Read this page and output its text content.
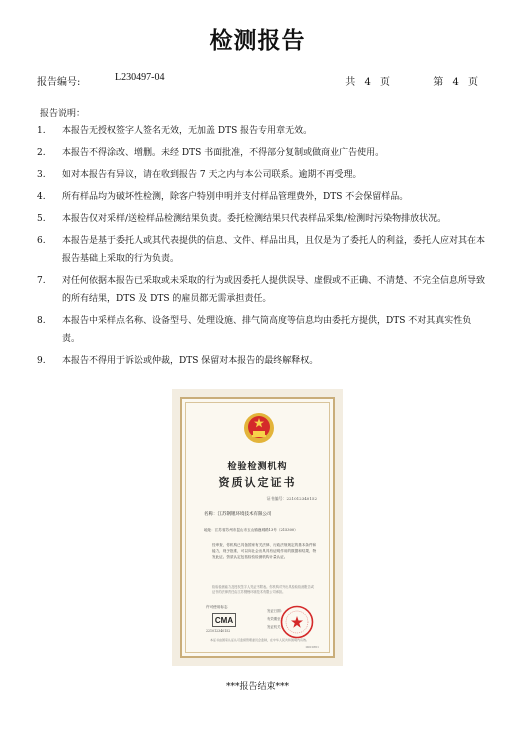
检测报告
报告编号:	L230497-04	共 4 页	第 4 页
报告说明：
1. 本报告无授权签字人签名无效，无加盖 DTS 报告专用章无效。
2. 本报告不得涂改、增删。未经 DTS 书面批准，不得部分复制或做商业广告使用。
3. 如对本报告有异议，请在收到报告 7 天之内与本公司联系。逾期不再受理。
4. 所有样品均为破坏性检测，除客户特别申明并支付样品管理费外，DTS 不会保留样品。
5. 本报告仅对采样/送检样品检测结果负责。委托检测结果只代表样品采集/检测时污染物排放状况。
6. 本报告是基于委托人或其代表提供的信息、文件、样品出具，且仅是为了委托人的利益，委托人应对其在本报告基础上采取的行为负责。
7. 对任何依据本报告已采取或未采取的行为或因委托人提供误导、虚假或不正确、不清楚、不完全信息所导致的所有结果，DTS 及 DTS 的雇员都无需承担责任。
8. 本报告中采样点名称、设备型号、处理设施、排气筒高度等信息均由委托方提供，DTS 不对其真实性负责。
9. 本报告不得用于诉讼或仲裁，DTS 保留对本报告的最终解释权。
检验检测机构
资质认定证书
证书编号：221012340152
名称：江苏钢锂环境技术有限公司
地址：江苏省苏州市昆山市玉山镇鹿城路13号（215300）
经审查，你机构已具备国家有关法律、行政法规规定的基本条件和能力，现予批准，可以向社会出具具有证明作用的数据和结果，特发此证。资质认定包括检验检测机构计量认证。
检验检测能力及授权签字人见证书附表。你机构对外出具检验检测报告或证书的法律责任由江苏钢锂环境技术有限公司承担。
许可使用标志
CMA
221012340152
发证日期：
有效期至：
发证机关：
本证书由国家认证认可监督管理委员会监制，在中华人民共和国境内有效。
0001861
***报告结束***
